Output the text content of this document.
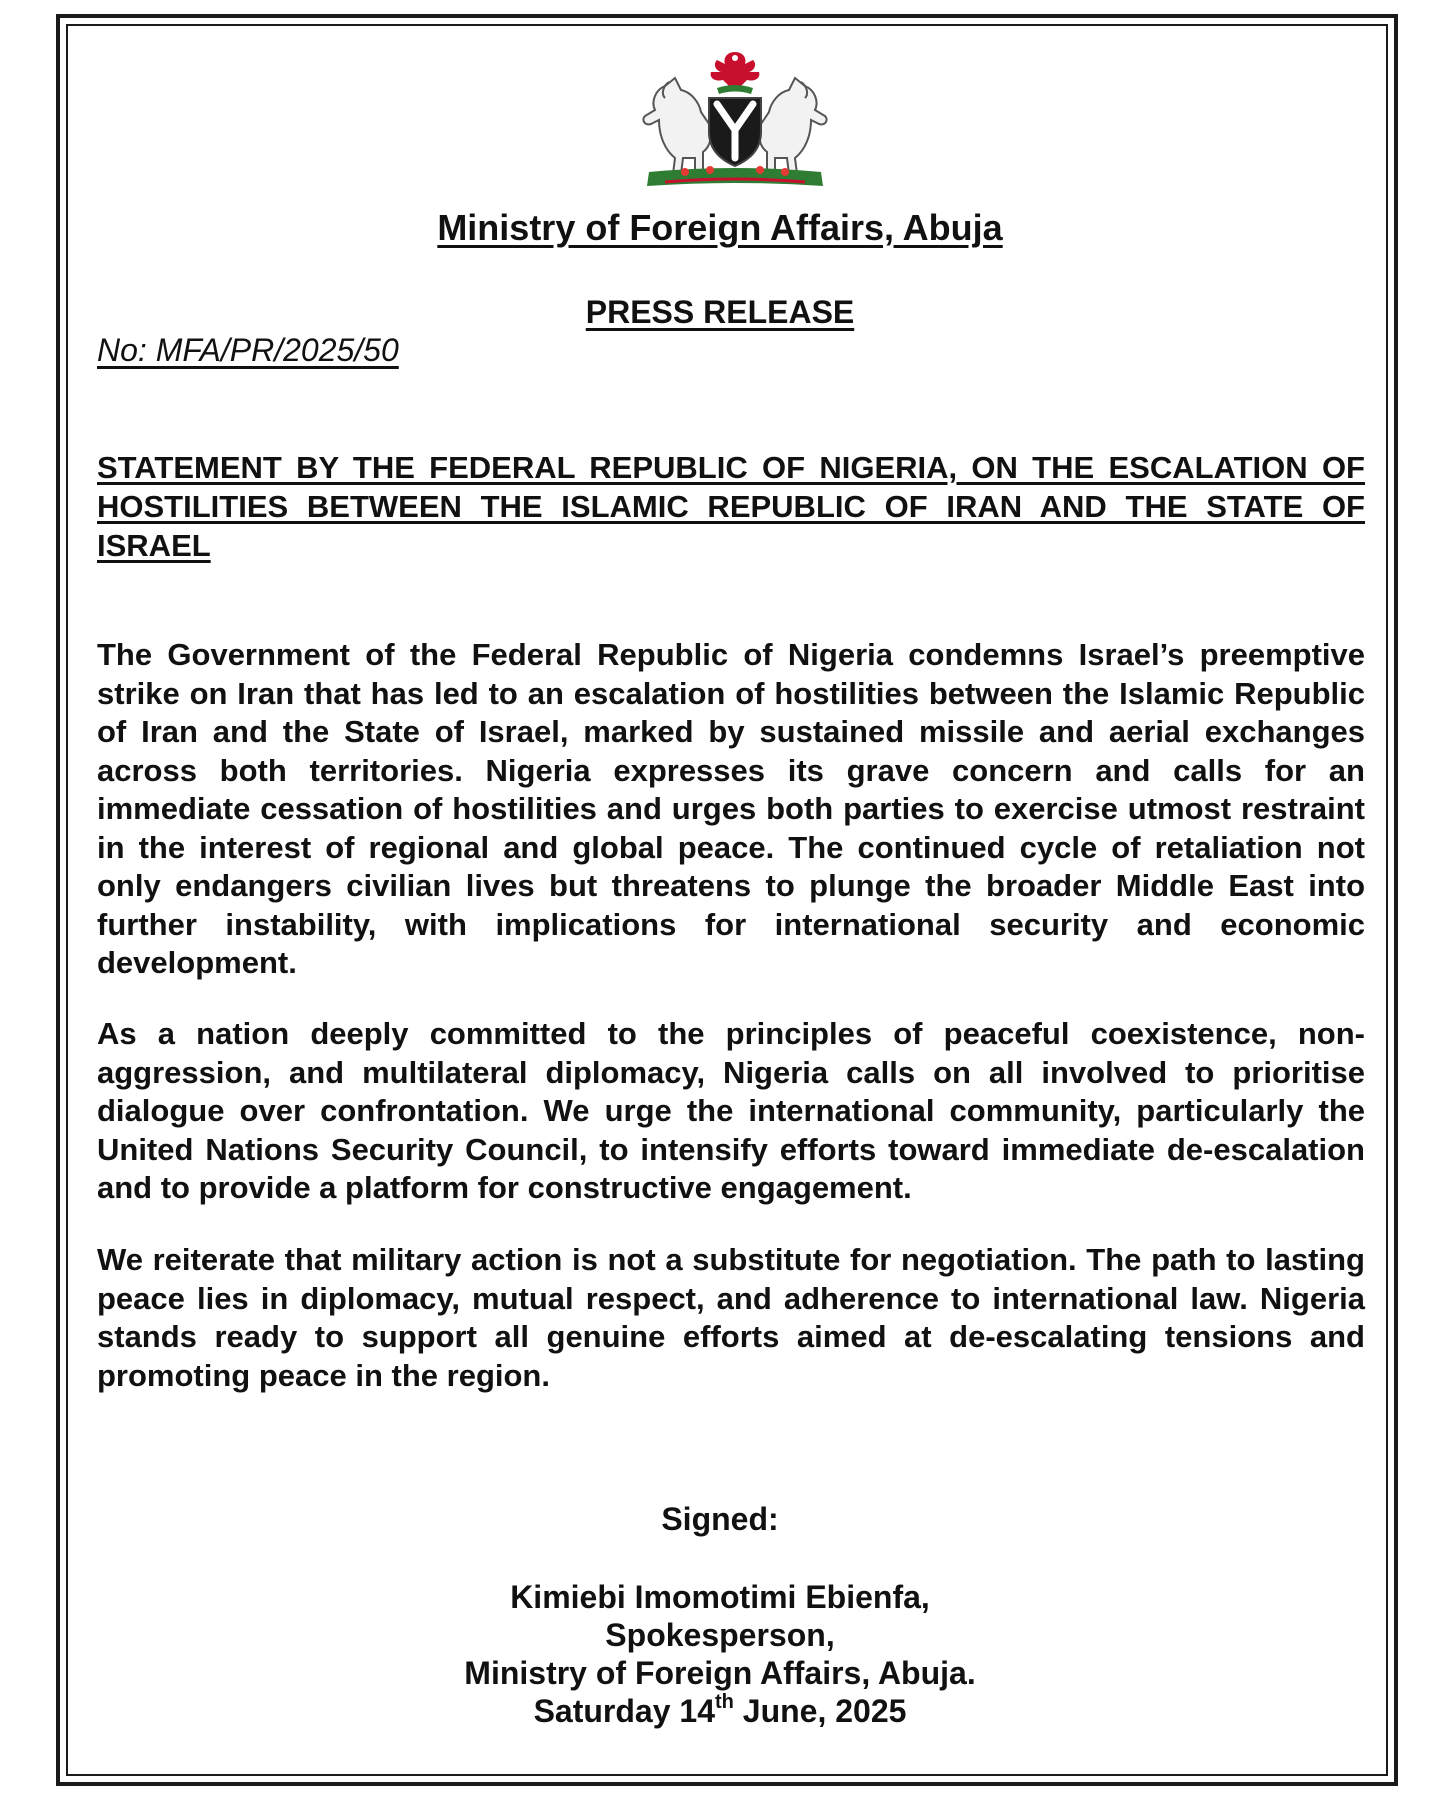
Ministry of Foreign Affairs, Abuja
PRESS RELEASE
No: MFA/PR/2025/50
STATEMENT BY THE FEDERAL REPUBLIC OF NIGERIA, ON THE ESCALATION OF HOSTILITIES BETWEEN THE ISLAMIC REPUBLIC OF IRAN AND THE STATE OF ISRAEL

The Government of the Federal Republic of Nigeria condemns Israel’s preemptive strike on Iran that has led to an escalation of hostilities between the Islamic Republic of Iran and the State of Israel, marked by sustained missile and aerial exchanges across both territories. Nigeria expresses its grave concern and calls for an immediate cessation of hostilities and urges both parties to exercise utmost restraint in the interest of regional and global peace. The continued cycle of retaliation not only endangers civilian lives but threatens to plunge the broader Middle East into further instability, with implications for international security and economic development.

As a nation deeply committed to the principles of peaceful coexistence, non-aggression, and multilateral diplomacy, Nigeria calls on all involved to prioritise dialogue over confrontation. We urge the international community, particularly the United Nations Security Council, to intensify efforts toward immediate de-escalation and to provide a platform for constructive engagement.

We reiterate that military action is not a substitute for negotiation. The path to lasting peace lies in diplomacy, mutual respect, and adherence to international law. Nigeria stands ready to support all genuine efforts aimed at de-escalating tensions and promoting peace in the region.

Signed:
Kimiebi Imomotimi Ebienfa,
Spokesperson,
Ministry of Foreign Affairs, Abuja.
Saturday 14th June, 2025
